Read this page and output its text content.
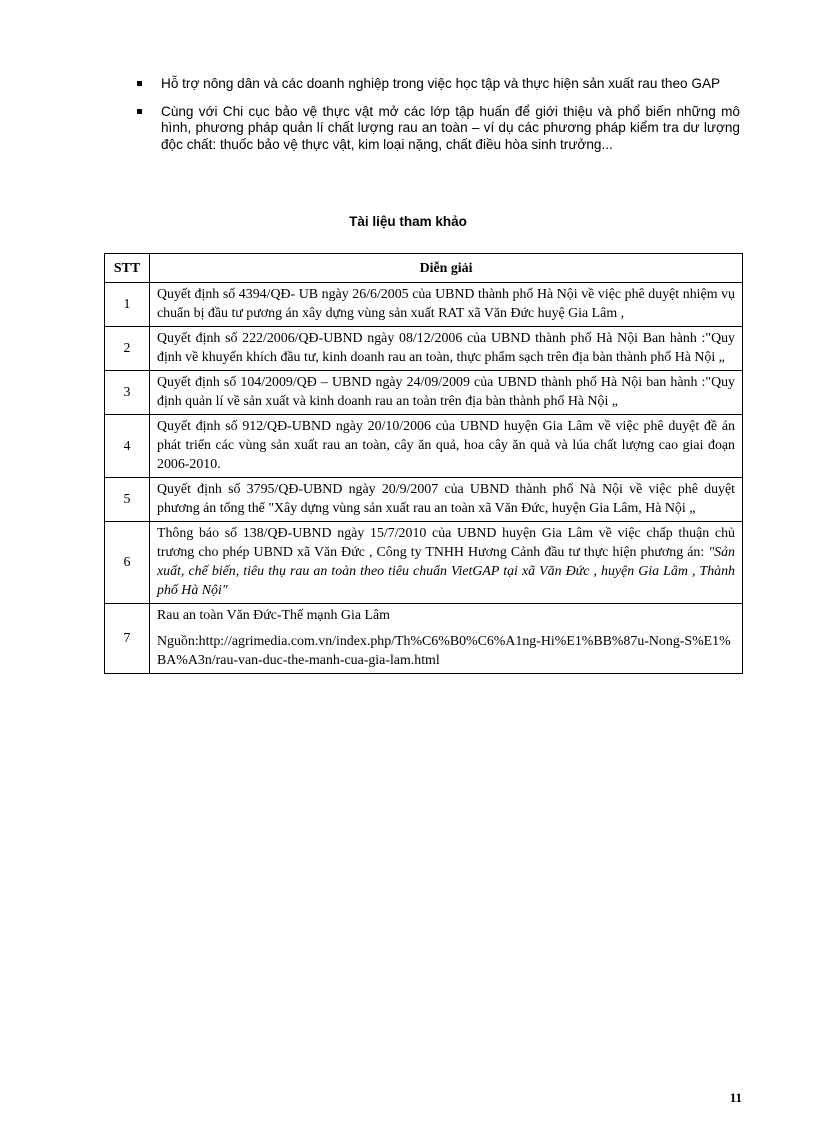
Hỗ trợ nông dân và các doanh nghiệp trong việc học tập và thực hiện sản xuất rau theo GAP
Cùng với Chi cục bảo vệ thực vật mở các lớp tập huấn để giới thiệu và phổ biến những mô hình, phương pháp quản lí chất lượng rau an toàn – ví dụ các phương pháp kiểm tra dư lượng độc chất: thuốc bảo vệ thực vật, kim loại nặng, chất điều hòa sinh trưởng...
Tài liệu tham khảo
STT	Diễn giải
1	Quyết định số 4394/QĐ- UB ngày 26/6/2005 của UBND thành phố Hà Nội về việc phê duyệt nhiệm vụ chuẩn bị đầu tư pương án xây dựng vùng sản xuất RAT xã Văn Đức huyệ Gia Lâm ,
2	Quyết định số 222/2006/QĐ-UBND ngày 08/12/2006 của UBND thành phố Hà Nội Ban hành :"Quy định về khuyến khích đầu tư, kinh doanh rau an toàn, thực phẩm sạch trên địa bàn thành phố Hà Nội „
3	Quyết định số 104/2009/QĐ – UBND ngày 24/09/2009 của UBND thành phố Hà Nội ban hành :"Quy định quản lí về sản xuất và kinh doanh rau an toàn trên địa bàn thành phố Hà Nội „
4	Quyết định số 912/QĐ-UBND ngày 20/10/2006 của UBND huyện Gia Lâm về việc phê duyệt đề án phát triển các vùng sản xuất rau an toàn, cây ăn quả, hoa cây ăn quả và lúa chất lượng cao giai đoạn 2006-2010.
5	Quyết định số 3795/QĐ-UBND ngày 20/9/2007 của UBND thành phố Nà Nội về việc phê duyệt phương án tổng thể "Xây dựng vùng sản xuất rau an toàn xã Văn Đức, huyện Gia Lâm, Hà Nội „
6	Thông báo số 138/QĐ-UBND ngày 15/7/2010 của UBND huyện Gia Lâm về việc chấp thuận chủ trương cho phép UBND xã Văn Đức , Công ty TNHH Hương Cảnh đầu tư thực hiện phương án: "Sản xuất, chế biến, tiêu thụ rau an toàn theo tiêu chuẩn VietGAP tại xã Văn Đức , huyện Gia Lâm , Thành phố Hà Nội"
7	Rau an toàn Văn Đức-Thế mạnh Gia Lâm
Nguồn:http://agrimedia.com.vn/index.php/Th%C6%B0%C6%A1ng-Hi%E1%BB%87u-Nong-S%E1%BA%A3n/rau-van-duc-the-manh-cua-gia-lam.html
11
